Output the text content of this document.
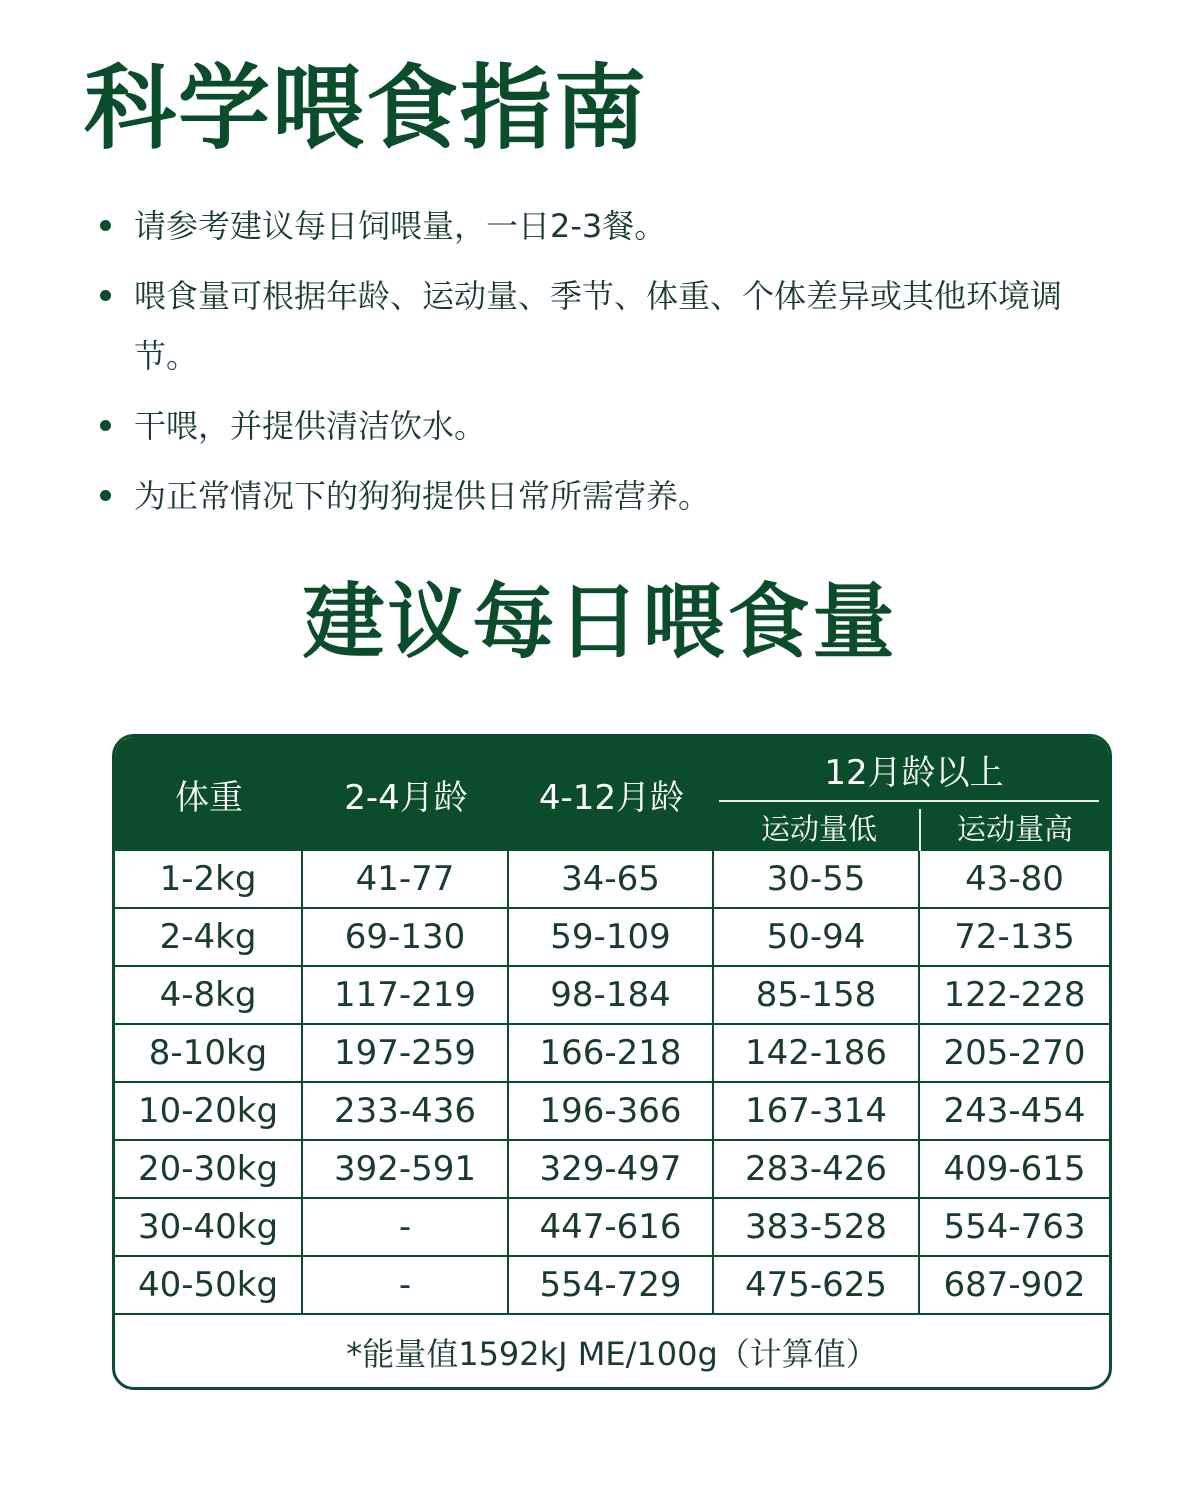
科学喂食指南
请参考建议每日饲喂量，一日2-3餐。
喂食量可根据年龄、运动量、季节、体重、个体差异或其他环境调节。
干喂，并提供清洁饮水。
为正常情况下的狗狗提供日常所需营养。
建议每日喂食量
体重	2-4月龄	4-12月龄
12月龄以上
运动量低	运动量高
1-2kg	41-77	34-65	30-55	43-80
2-4kg	69-130	59-109	50-94	72-135
4-8kg	117-219	98-184	85-158	122-228
8-10kg	197-259	166-218	142-186	205-270
10-20kg	233-436	196-366	167-314	243-454
20-30kg	392-591	329-497	283-426	409-615
30-40kg	-	447-616	383-528	554-763
40-50kg	-	554-729	475-625	687-902
*能量值1592kJ ME/100g（计算值）
